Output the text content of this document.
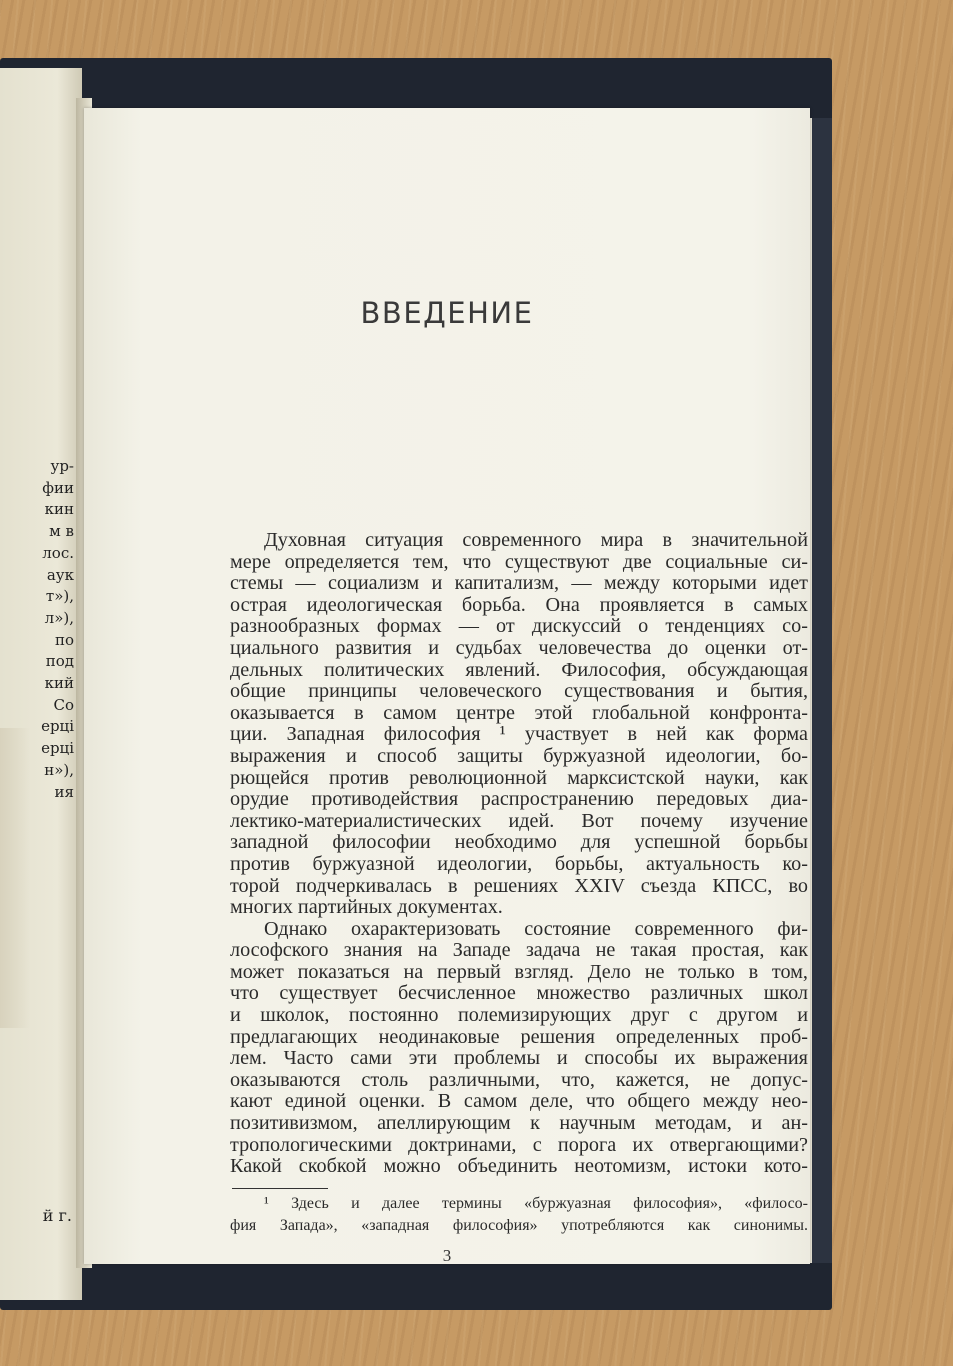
ур-
фии
кин
м в
лос.
аук
т»),
л»),
по
под
кий
Со
ерці
ерці
н»),
ия
й г.
ВВЕДЕНИЕ
Духовная ситуация современного мира в значительной
мере определяется тем, что существуют две социальные си-
стемы — социализм и капитализм, — между которыми идет
острая идеологическая борьба. Она проявляется в самых
разнообразных формах — от дискуссий о тенденциях со-
циального развития и судьбах человечества до оценки от-
дельных политических явлений. Философия, обсуждающая
общие принципы человеческого существования и бытия,
оказывается в самом центре этой глобальной конфронта-
ции. Западная философия ¹ участвует в ней как форма
выражения и способ защиты буржуазной идеологии, бо-
рющейся против революционной марксистской науки, как
орудие противодействия распространению передовых диа-
лектико-материалистических идей. Вот почему изучение
западной философии необходимо для успешной борьбы
против буржуазной идеологии, борьбы, актуальность ко-
торой подчеркивалась в решениях XXIV съезда КПСС, во
многих партийных документах.
Однако охарактеризовать состояние современного фи-
лософского знания на Западе задача не такая простая, как
может показаться на первый взгляд. Дело не только в том,
что существует бесчисленное множество различных школ
и школок, постоянно полемизирующих друг с другом и
предлагающих неодинаковые решения определенных проб-
лем. Часто сами эти проблемы и способы их выражения
оказываются столь различными, что, кажется, не допус-
кают единой оценки. В самом деле, что общего между нео-
позитивизмом, апеллирующим к научным методам, и ан-
тропологическими доктринами, с порога их отвергающими?
Какой скобкой можно объединить неотомизм, истоки кото-
¹ Здесь и далее термины «буржуазная философия», «филосо-
фия Запада», «западная философия» употребляются как синонимы.
3
